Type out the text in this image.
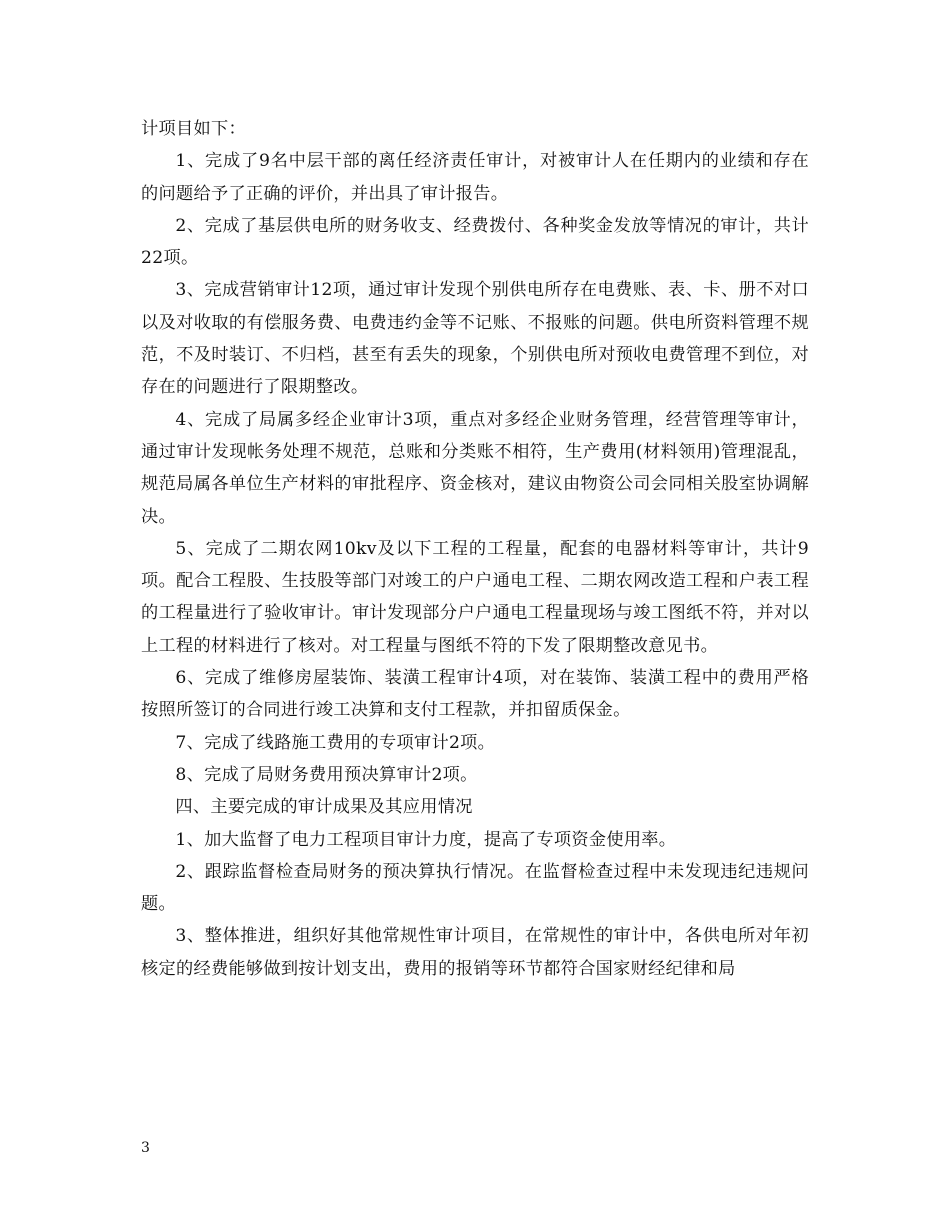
计项目如下：

1、完成了9名中层干部的离任经济责任审计，对被审计人在任期内的业绩和存在的问题给予了正确的评价，并出具了审计报告。

2、完成了基层供电所的财务收支、经费拨付、各种奖金发放等情况的审计，共计22项。

3、完成营销审计12项，通过审计发现个别供电所存在电费账、表、卡、册不对口以及对收取的有偿服务费、电费违约金等不记账、不报账的问题。供电所资料管理不规范，不及时装订、不归档，甚至有丢失的现象，个别供电所对预收电费管理不到位，对存在的问题进行了限期整改。

4、完成了局属多经企业审计3项，重点对多经企业财务管理，经营管理等审计，通过审计发现帐务处理不规范，总账和分类账不相符，生产费用(材料领用)管理混乱，规范局属各单位生产材料的审批程序、资金核对，建议由物资公司会同相关股室协调解决。

5、完成了二期农网10kv及以下工程的工程量，配套的电器材料等审计，共计9项。配合工程股、生技股等部门对竣工的户户通电工程、二期农网改造工程和户表工程的工程量进行了验收审计。审计发现部分户户通电工程量现场与竣工图纸不符，并对以上工程的材料进行了核对。对工程量与图纸不符的下发了限期整改意见书。

6、完成了维修房屋装饰、装潢工程审计4项，对在装饰、装潢工程中的费用严格按照所签订的合同进行竣工决算和支付工程款，并扣留质保金。

7、完成了线路施工费用的专项审计2项。

8、完成了局财务费用预决算审计2项。

四、主要完成的审计成果及其应用情况

1、加大监督了电力工程项目审计力度，提高了专项资金使用率。

2、跟踪监督检查局财务的预决算执行情况。在监督检查过程中未发现违纪违规问题。

3、整体推进，组织好其他常规性审计项目，在常规性的审计中，各供电所对年初核定的经费能够做到按计划支出，费用的报销等环节都符合国家财经纪律和局

3
